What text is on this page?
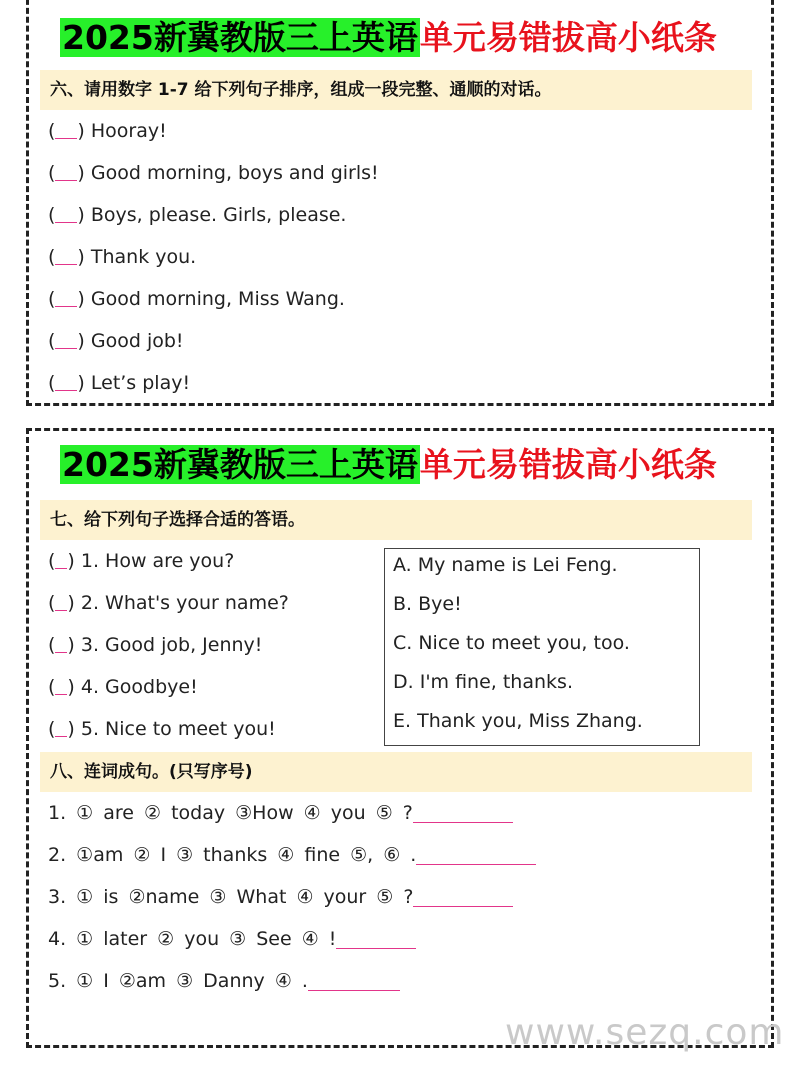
2025新冀教版三上英语单元易错拔高小纸条
六、请用数字 1-7 给下列句子排序，组成一段完整、通顺的对话。
( ) Hooray!
( ) Good morning, boys and girls!
( ) Boys, please. Girls, please.
( ) Thank you.
( ) Good morning, Miss Wang.
( ) Good job!
( ) Let’s play!
2025新冀教版三上英语单元易错拔高小纸条
七、给下列句子选择合适的答语。
( ) 1. How are you?
( ) 2. What's your name?
( ) 3. Good job, Jenny!
( ) 4. Goodbye!
( ) 5. Nice to meet you!
A. My name is Lei Feng.
B. Bye!
C. Nice to meet you, too.
D. I'm fine, thanks.
E. Thank you, Miss Zhang.
八、连词成句。(只写序号)
1. ① are ② today ③How ④ you ⑤ ?
2. ①am ② I ③ thanks ④ fine ⑤, ⑥ .
3. ① is ②name ③ What ④ your ⑤ ?
4. ① later ② you ③ See ④ !
5. ① I ②am ③ Danny ④ .
www.sezq.com
